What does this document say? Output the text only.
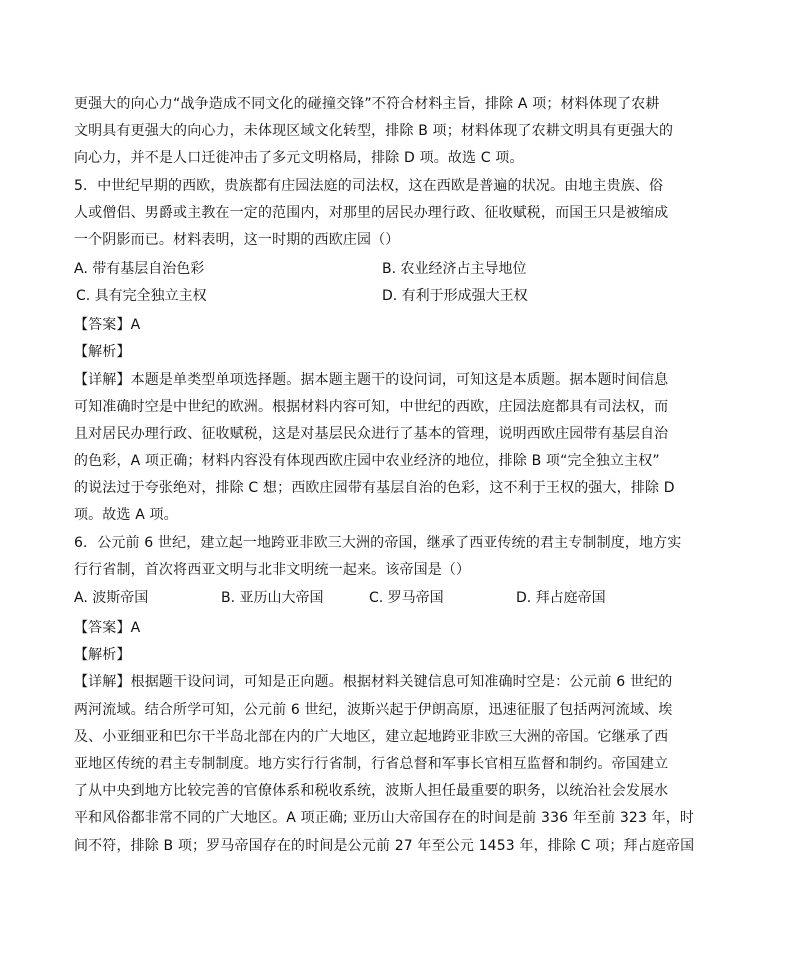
更强大的向心力“战争造成不同文化的碰撞交锋”不符合材料主旨，排除 A 项；材料体现了农耕
文明具有更强大的向心力，未体现区域文化转型，排除 B 项；材料体现了农耕文明具有更强大的
向心力，并不是人口迁徙冲击了多元文明格局，排除 D 项。故选 C 项。
5．中世纪早期的西欧，贵族都有庄园法庭的司法权，这在西欧是普遍的状况。由地主贵族、俗
人或僧侣、男爵或主教在一定的范围内，对那里的居民办理行政、征收赋税，而国王只是被缩成
一个阴影而已。材料表明，这一时期的西欧庄园（）
A. 带有基层自治色彩	B. 农业经济占主导地位
C. 具有完全独立主权	D. 有利于形成强大王权
【答案】A
【解析】
【详解】本题是单类型单项选择题。据本题主题干的设问词，可知这是本质题。据本题时间信息
可知准确时空是中世纪的欧洲。根据材料内容可知，中世纪的西欧，庄园法庭都具有司法权，而
且对居民办理行政、征收赋税，这是对基层民众进行了基本的管理，说明西欧庄园带有基层自治
的色彩，A 项正确；材料内容没有体现西欧庄园中农业经济的地位，排除 B 项“完全独立主权”
的说法过于夸张绝对，排除 C 想；西欧庄园带有基层自治的色彩，这不利于王权的强大，排除 D
项。故选 A 项。
6．公元前 6 世纪，建立起一地跨亚非欧三大洲的帝国，继承了西亚传统的君主专制制度，地方实
行行省制，首次将西亚文明与北非文明统一起来。该帝国是（）
A. 波斯帝国	B. 亚历山大帝国	C. 罗马帝国	D. 拜占庭帝国
【答案】A
【解析】
【详解】根据题干设问词，可知是正向题。根据材料关键信息可知准确时空是：公元前 6 世纪的
两河流域。结合所学可知，公元前 6 世纪，波斯兴起于伊朗高原，迅速征服了包括两河流域、埃
及、小亚细亚和巴尔干半岛北部在内的广大地区，建立起地跨亚非欧三大洲的帝国。它继承了西
亚地区传统的君主专制制度。地方实行行省制，行省总督和军事长官相互监督和制约。帝国建立
了从中央到地方比较完善的官僚体系和税收系统，波斯人担任最重要的职务，以统治社会发展水
平和风俗都非常不同的广大地区。A 项正确; 亚历山大帝国存在的时间是前 336 年至前 323 年，时
间不符，排除 B 项；罗马帝国存在的时间是公元前 27 年至公元 1453 年，排除 C 项；拜占庭帝国
